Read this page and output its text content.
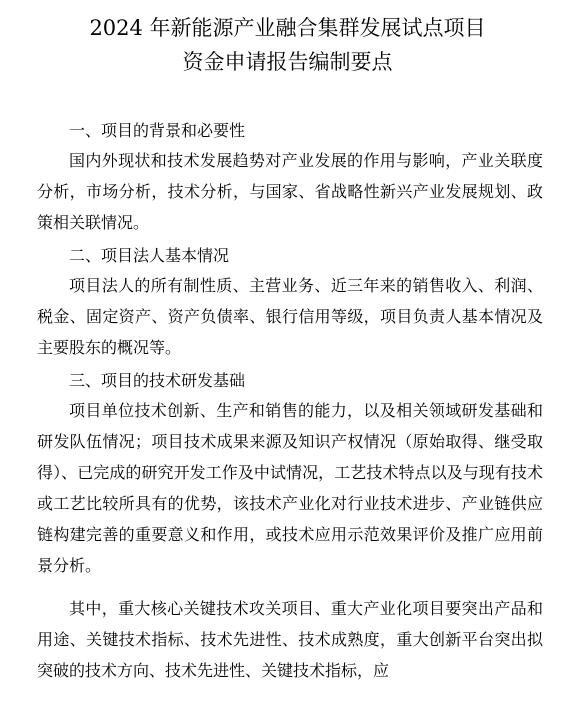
2024 年新能源产业融合集群发展试点项目
资金申请报告编制要点
一、项目的背景和必要性

国内外现状和技术发展趋势对产业发展的作用与影响，产业关联度分析，市场分析，技术分析，与国家、省战略性新兴产业发展规划、政策相关联情况。

二、项目法人基本情况

项目法人的所有制性质、主营业务、近三年来的销售收入、利润、税金、固定资产、资产负债率、银行信用等级，项目负责人基本情况及主要股东的概况等。

三、项目的技术研发基础

项目单位技术创新、生产和销售的能力，以及相关领域研发基础和研发队伍情况；项目技术成果来源及知识产权情况（原始取得、继受取得）、已完成的研究开发工作及中试情况，工艺技术特点以及与现有技术或工艺比较所具有的优势，该技术产业化对行业技术进步、产业链供应链构建完善的重要意义和作用，或技术应用示范效果评价及推广应用前景分析。

其中，重大核心关键技术攻关项目、重大产业化项目要突出产品和用途、关键技术指标、技术先进性、技术成熟度，重大创新平台突出拟突破的技术方向、技术先进性、关键技术指标，应
